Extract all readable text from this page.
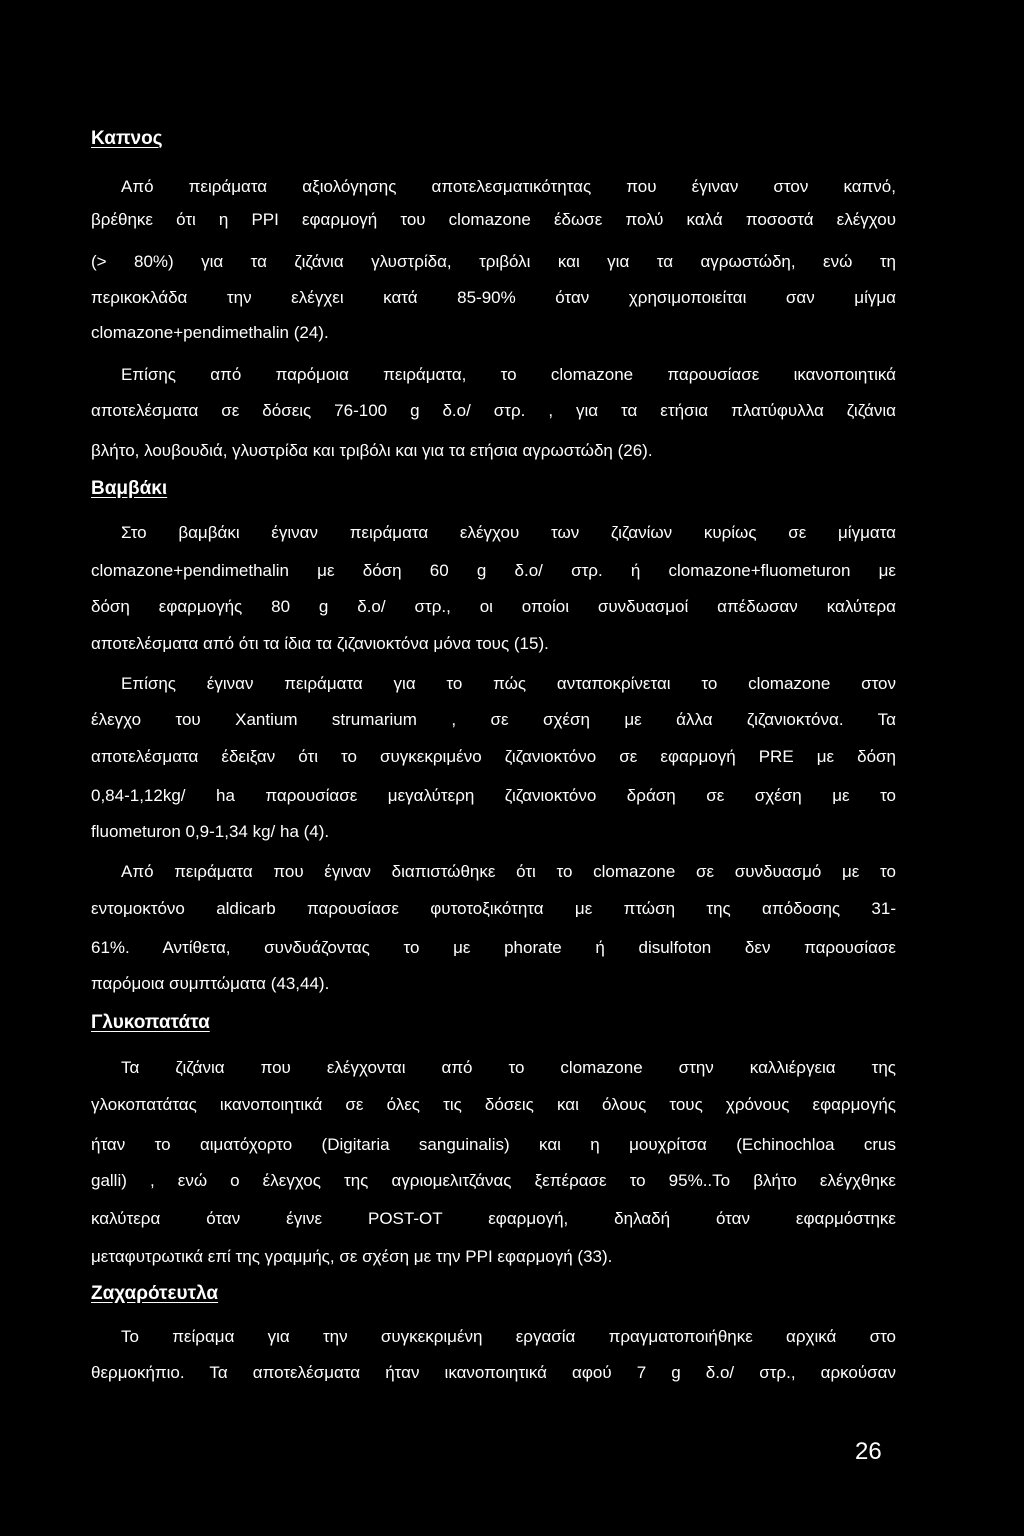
Καπνος
Από πειράματα αξιολόγησης αποτελεσματικότητας που έγιναν στον καπνό,
βρέθηκε ότι η PPI εφαρμογή του clomazone έδωσε πολύ καλά ποσοστά ελέγχου
(> 80%) για τα ζιζάνια γλυστρίδα, τριβόλι και για τα αγρωστώδη, ενώ τη
περικοκλάδα την ελέγχει κατά 85-90% όταν χρησιμοποιείται σαν μίγμα
clomazone+pendimethalin (24).
Επίσης από παρόμοια πειράματα, το clomazone παρουσίασε ικανοποιητικά
αποτελέσματα σε δόσεις 76-100 g δ.ο/ στρ. , για τα ετήσια πλατύφυλλα ζιζάνια
βλήτο, λουβουδιά, γλυστρίδα και τριβόλι και για τα ετήσια αγρωστώδη (26).
Βαμβάκι
Στο βαμβάκι έγιναν πειράματα ελέγχου των ζιζανίων κυρίως σε μίγματα
clomazone+pendimethalin με δόση 60 g δ.ο/ στρ. ή clomazone+fluometuron με
δόση εφαρμογής 80 g δ.ο/ στρ., οι οποίοι συνδυασμοί απέδωσαν καλύτερα
αποτελέσματα από ότι τα ίδια τα ζιζανιοκτόνα μόνα τους (15).
Επίσης έγιναν πειράματα για το πώς ανταποκρίνεται το clomazone στον
έλεγχο του Xantium strumarium , σε σχέση με άλλα ζιζανιοκτόνα. Τα
αποτελέσματα έδειξαν ότι το συγκεκριμένο ζιζανιοκτόνο σε εφαρμογή PRE με δόση
0,84-1,12kg/ ha παρουσίασε μεγαλύτερη ζιζανιοκτόνο δράση σε σχέση με το
fluometuron 0,9-1,34 kg/ ha (4).
Από πειράματα που έγιναν διαπιστώθηκε ότι το clomazone σε συνδυασμό με το
εντομοκτόνο aldicarb παρουσίασε φυτοτοξικότητα με πτώση της απόδοσης 31-
61%. Αντίθετα, συνδυάζοντας το με phorate ή disulfoton δεν παρουσίασε
παρόμοια συμπτώματα (43,44).
Γλυκοπατάτα
Τα ζιζάνια που ελέγχονται από το clomazone στην καλλιέργεια της
γλοκοπατάτας ικανοποιητικά σε όλες τις δόσεις και όλους τους χρόνους εφαρμογής
ήταν το αιματόχορτο (Digitaria sanguinalis) και η μουχρίτσα (Echinochloa crus
galli) , ενώ ο έλεγχος της αγριομελιτζάνας ξεπέρασε το 95%..Το βλήτο ελέγχθηκε
καλύτερα όταν έγινε POST-OT εφαρμογή, δηλαδή όταν εφαρμόστηκε
μεταφυτρωτικά επί της γραμμής, σε σχέση με την PPI εφαρμογή (33).
Ζαχαρότευτλα
Το πείραμα για την συγκεκριμένη εργασία πραγματοποιήθηκε αρχικά στο
θερμοκήπιο. Τα αποτελέσματα ήταν ικανοποιητικά αφού 7 g δ.ο/ στρ., αρκούσαν
26
